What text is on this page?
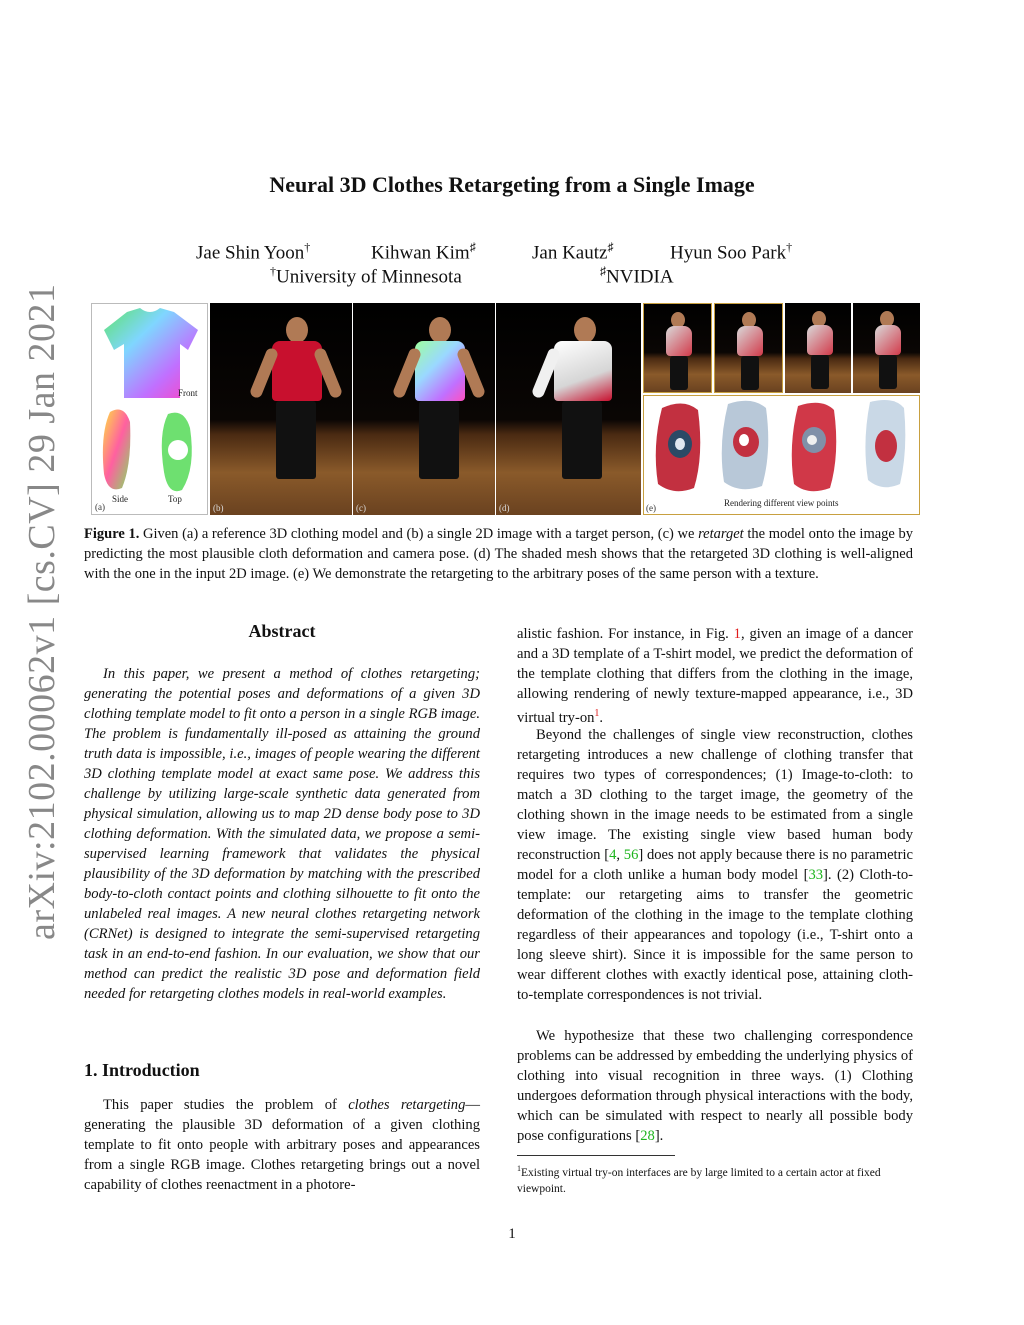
arXiv:2102.00062v1 [cs.CV] 29 Jan 2021
Neural 3D Clothes Retargeting from a Single Image
Jae Shin Yoon†	Kihwan Kim♯	Jan Kautz♯	Hyun Soo Park†
†University of Minnesota	♯NVIDIA
Front
Side	Top
(a)	(b)	(c)	(d)	Rendering different view points
(e)
Figure 1. Given (a) a reference 3D clothing model and (b) a single 2D image with a target person, (c) we retarget the model onto the image by predicting the most plausible cloth deformation and camera pose. (d) The shaded mesh shows that the retargeted 3D clothing is well-aligned with the one in the input 2D image. (e) We demonstrate the retargeting to the arbitrary poses of the same person with a texture.
Abstract
In this paper, we present a method of clothes retargeting; generating the potential poses and deformations of a given 3D clothing template model to fit onto a person in a single RGB image. The problem is fundamentally ill-posed as attaining the ground truth data is impossible, i.e., images of people wearing the different 3D clothing template model at exact same pose. We address this challenge by utilizing large-scale synthetic data generated from physical simulation, allowing us to map 2D dense body pose to 3D clothing deformation. With the simulated data, we propose a semi-supervised learning framework that validates the physical plausibility of the 3D deformation by matching with the prescribed body-to-cloth contact points and clothing silhouette to fit onto the unlabeled real images. A new neural clothes retargeting network (CRNet) is designed to integrate the semi-supervised retargeting task in an end-to-end fashion. In our evaluation, we show that our method can predict the realistic 3D pose and deformation field needed for retargeting clothes models in real-world examples.
1. Introduction
This paper studies the problem of clothes retargeting—generating the plausible 3D deformation of a given clothing template to fit onto people with arbitrary poses and appearances from a single RGB image. Clothes retargeting brings out a novel capability of clothes reenactment in a photore-
alistic fashion. For instance, in Fig. 1, given an image of a dancer and a 3D template of a T-shirt model, we predict the deformation of the template clothing that differs from the clothing in the image, allowing rendering of newly texture-mapped appearance, i.e., 3D virtual try-on$^1$.
Beyond the challenges of single view reconstruction, clothes retargeting introduces a new challenge of clothing transfer that requires two types of correspondences; (1) Image-to-cloth: to match a 3D clothing to the target image, the geometry of the clothing shown in the image needs to be estimated from a single view image. The existing single view based human body reconstruction [4, 56] does not apply because there is no parametric model for a cloth unlike a human body model [33]. (2) Cloth-to-template: our retargeting aims to transfer the geometric deformation of the clothing in the image to the template clothing regardless of their appearances and topology (i.e., T-shirt onto a long sleeve shirt). Since it is impossible for the same person to wear different clothes with exactly identical pose, attaining cloth-to-template correspondences is not trivial.
We hypothesize that these two challenging correspondence problems can be addressed by embedding the underlying physics of clothing into visual recognition in three ways. (1) Clothing undergoes deformation through physical interactions with the body, which can be simulated with respect to nearly all possible body pose configurations [28].
$^1$Existing virtual try-on interfaces are by large limited to a certain actor at fixed viewpoint.
1
